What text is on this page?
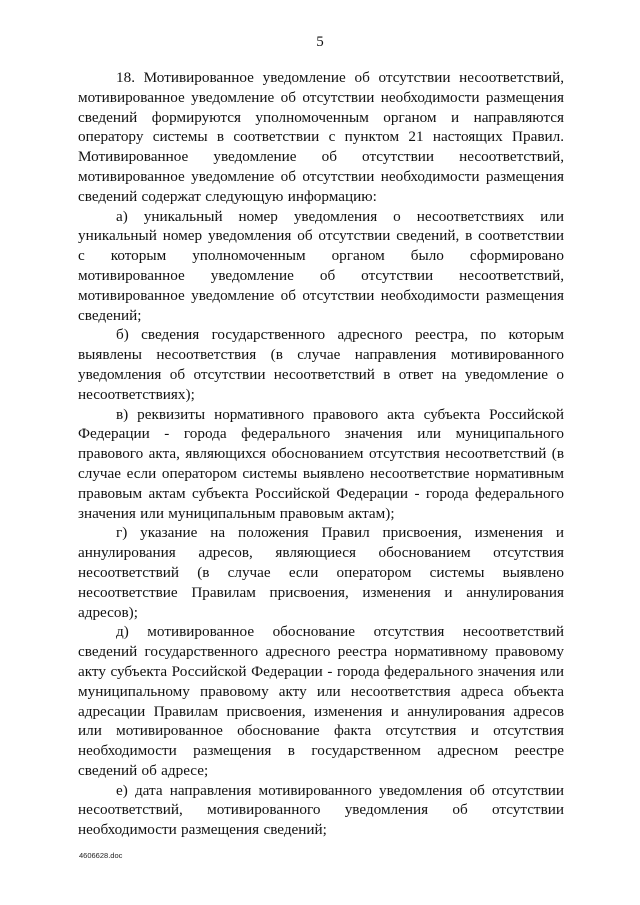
5

18. Мотивированное уведомление об отсутствии несоответствий, мотивированное уведомление об отсутствии необходимости размещения сведений формируются уполномоченным органом и направляются оператору системы в соответствии с пунктом 21 настоящих Правил. Мотивированное уведомление об отсутствии несоответствий, мотивированное уведомление об отсутствии необходимости размещения сведений содержат следующую информацию:

а) уникальный номер уведомления о несоответствиях или уникальный номер уведомления об отсутствии сведений, в соответствии с которым уполномоченным органом было сформировано мотивированное уведомление об отсутствии несоответствий, мотивированное уведомление об отсутствии необходимости размещения сведений;

б) сведения государственного адресного реестра, по которым выявлены несоответствия (в случае направления мотивированного уведомления об отсутствии несоответствий в ответ на уведомление о несоответствиях);

в) реквизиты нормативного правового акта субъекта Российской Федерации - города федерального значения или муниципального правового акта, являющихся обоснованием отсутствия несоответствий (в случае если оператором системы выявлено несоответствие нормативным правовым актам субъекта Российской Федерации - города федерального значения или муниципальным правовым актам);

г) указание на положения Правил присвоения, изменения и аннулирования адресов, являющиеся обоснованием отсутствия несоответствий (в случае если оператором системы выявлено несоответствие Правилам присвоения, изменения и аннулирования адресов);

д) мотивированное обоснование отсутствия несоответствий сведений государственного адресного реестра нормативному правовому акту субъекта Российской Федерации - города федерального значения или муниципальному правовому акту или несоответствия адреса объекта адресации Правилам присвоения, изменения и аннулирования адресов или мотивированное обоснование факта отсутствия и отсутствия необходимости размещения в государственном адресном реестре сведений об адресе;

е) дата направления мотивированного уведомления об отсутствии несоответствий, мотивированного уведомления об отсутствии необходимости размещения сведений;

4606628.doc
